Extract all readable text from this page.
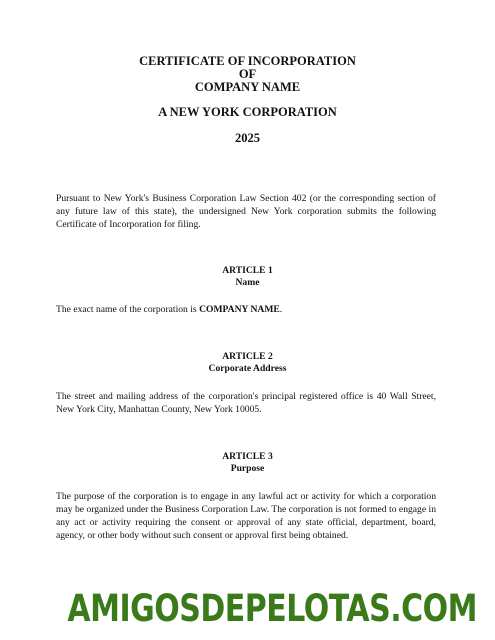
CERTIFICATE OF INCORPORATION
OF
COMPANY NAME
A NEW YORK CORPORATION
2025
Pursuant to New York's Business Corporation Law Section 402 (or the corresponding section of any future law of this state), the undersigned New York corporation submits the following Certificate of Incorporation for filing.
ARTICLE 1
Name
The exact name of the corporation is COMPANY NAME.
ARTICLE 2
Corporate Address
The street and mailing address of the corporation's principal registered office is 40 Wall Street, New York City, Manhattan County, New York 10005.
ARTICLE 3
Purpose
The purpose of the corporation is to engage in any lawful act or activity for which a corporation may be organized under the Business Corporation Law. The corporation is not formed to engage in any act or activity requiring the consent or approval of any state official, department, board, agency, or other body without such consent or approval first being obtained.
AMIGOSDEPELOTAS.COM
